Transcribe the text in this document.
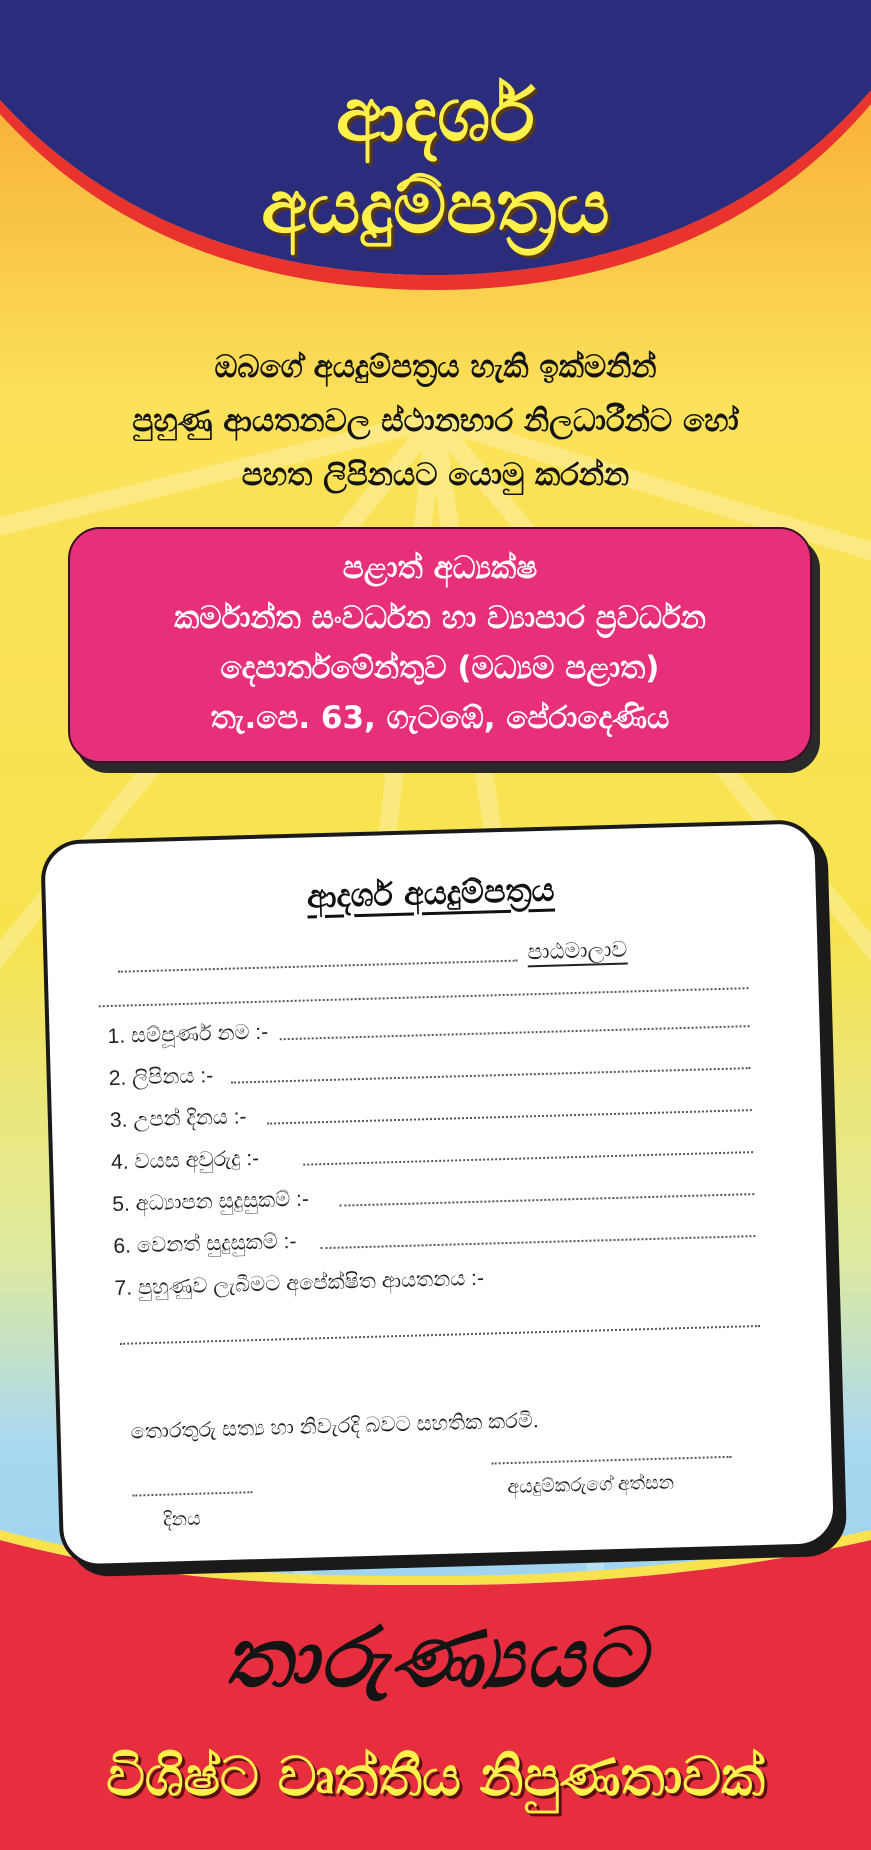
ආදර්ශ
අයදුම්පත්‍රය
ඔබගේ අයදුම්පත්‍රය හැකි ඉක්මනින්
පුහුණු ආයතනවල ස්ථානභාර නිලධාරීන්ට හෝ
පහත ලිපිනයට යොමු කරන්න
පළාත් අධ්‍යක්ෂ
කර්මාන්ත සංවර්ධන හා ව්‍යාපාර ප්‍රවර්ධන
දෙපාර්තමේන්තුව (මධ්‍යම පළාත)
තැ.පෙ. 63, ගැටඹේ, පේරාදෙණිය
ආදර්ශ අයදුම්පත්‍රය
පාඨමාලාව
1. සම්පූර්ණ නම :-
2. ලිපිනය :-
3. උපන් දිනය :-
4. වයස අවුරුදු :-
5. අධ්‍යාපන සුදුසුකම් :-
6. වෙනත් සුදුසුකම් :-
7. පුහුණුව ලැබීමට අපේක්ෂිත ආයතනය :-
තොරතුරු සත්‍ය හා නිවැරදි බවට සහතික කරමි.
අයදුම්කරුගේ අත්සන
දිනය
තාරුණ්‍යයට
විශිෂ්ට වෘත්තීය නිපුණතාවක්
